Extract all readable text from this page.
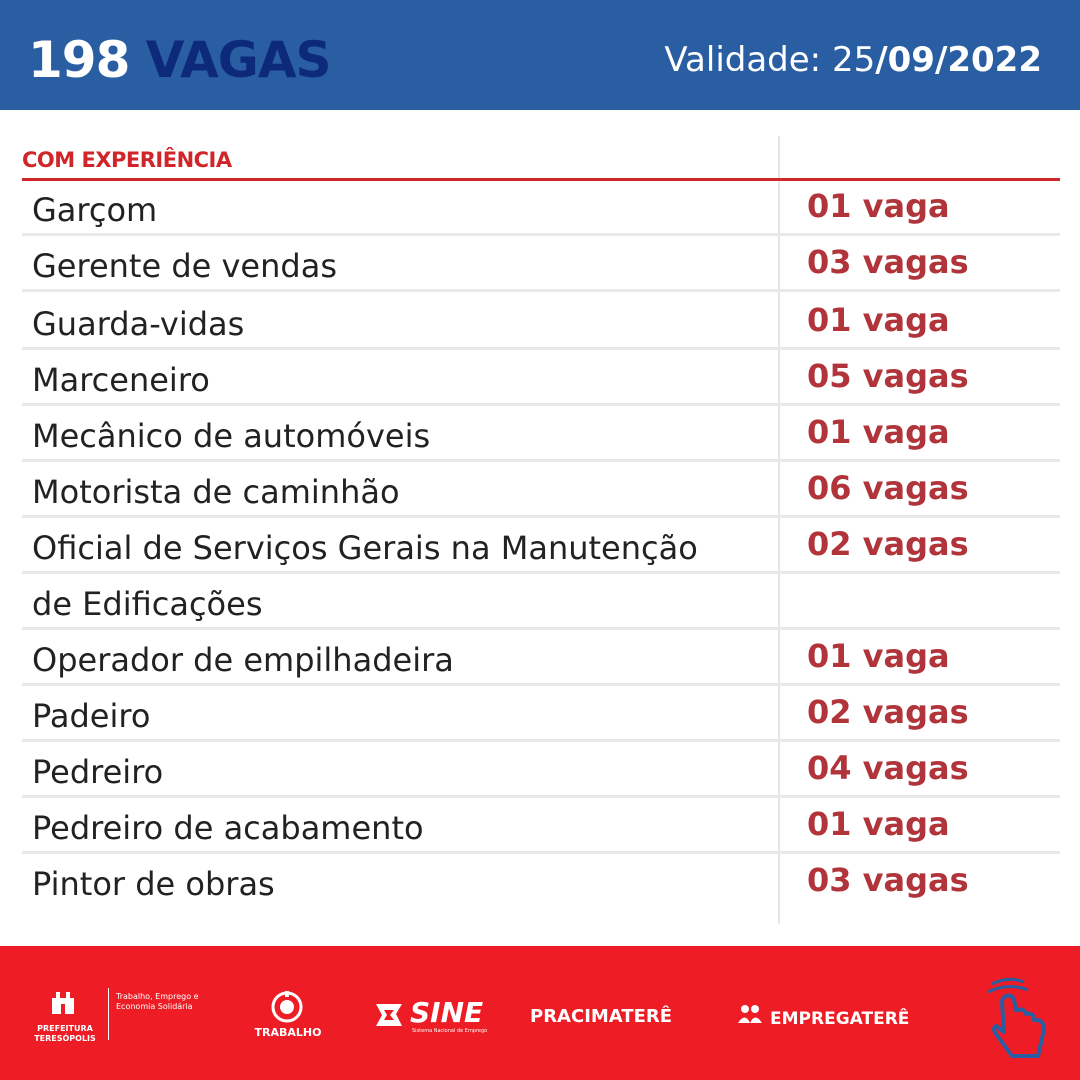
198 VAGAS	Validade: 25/09/2022
COM EXPERIÊNCIA
Garçom	01 vaga
Gerente de vendas	03 vagas
Guarda-vidas	01 vaga
Marceneiro	05 vagas
Mecânico de automóveis	01 vaga
Motorista de caminhão	06 vagas
Oficial de Serviços Gerais na Manutenção	02 vagas
de Edificações
Operador de empilhadeira	01 vaga
Padeiro	02 vagas
Pedreiro	04 vagas
Pedreiro de acabamento	01 vaga
Pintor de obras	03 vagas
PREFEITURA TERESÓPOLIS
Trabalho, Emprego e Economia Solidária
TRABALHO
SINE
Sistema Nacional de Emprego
PRACIMATERÊ	EMPREGATERÊ
